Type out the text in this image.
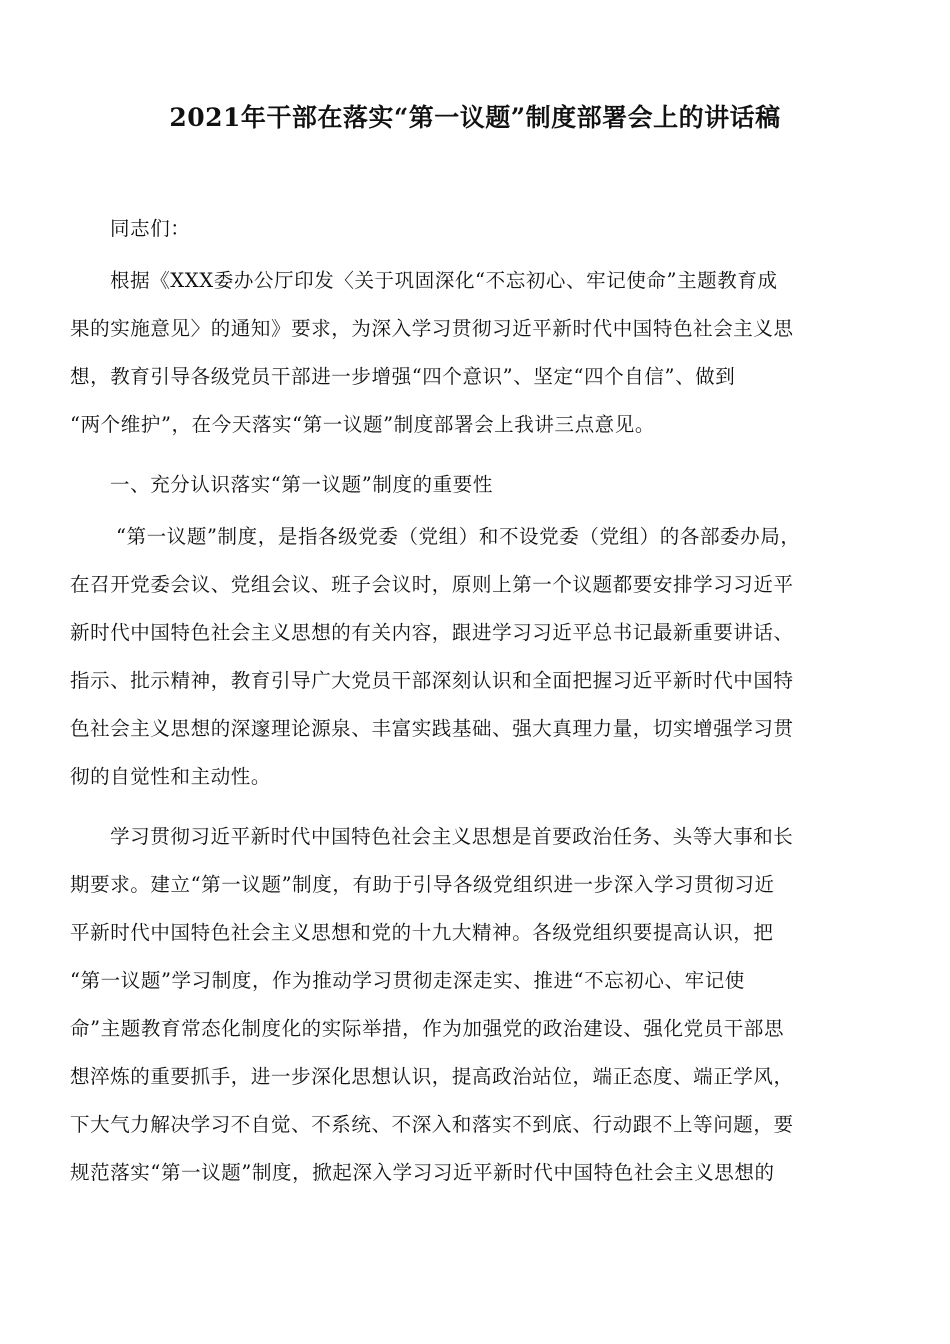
2021年干部在落实“第一议题”制度部署会上的讲话稿
同志们：
根据《XXX委办公厅印发〈关于巩固深化“不忘初心、牢记使命”主题教育成
果的实施意见〉的通知》要求，为深入学习贯彻习近平新时代中国特色社会主义思
想，教育引导各级党员干部进一步增强“四个意识”、坚定“四个自信”、做到
“两个维护”，在今天落实“第一议题”制度部署会上我讲三点意见。
一、充分认识落实“第一议题”制度的重要性
“第一议题”制度，是指各级党委（党组）和不设党委（党组）的各部委办局，
在召开党委会议、党组会议、班子会议时，原则上第一个议题都要安排学习习近平
新时代中国特色社会主义思想的有关内容，跟进学习习近平总书记最新重要讲话、
指示、批示精神，教育引导广大党员干部深刻认识和全面把握习近平新时代中国特
色社会主义思想的深邃理论源泉、丰富实践基础、强大真理力量，切实增强学习贯
彻的自觉性和主动性。
学习贯彻习近平新时代中国特色社会主义思想是首要政治任务、头等大事和长
期要求。建立“第一议题”制度，有助于引导各级党组织进一步深入学习贯彻习近
平新时代中国特色社会主义思想和党的十九大精神。各级党组织要提高认识，把
“第一议题”学习制度，作为推动学习贯彻走深走实、推进“不忘初心、牢记使
命”主题教育常态化制度化的实际举措，作为加强党的政治建设、强化党员干部思
想淬炼的重要抓手，进一步深化思想认识，提高政治站位，端正态度、端正学风，
下大气力解决学习不自觉、不系统、不深入和落实不到底、行动跟不上等问题，要
规范落实“第一议题”制度，掀起深入学习习近平新时代中国特色社会主义思想的
